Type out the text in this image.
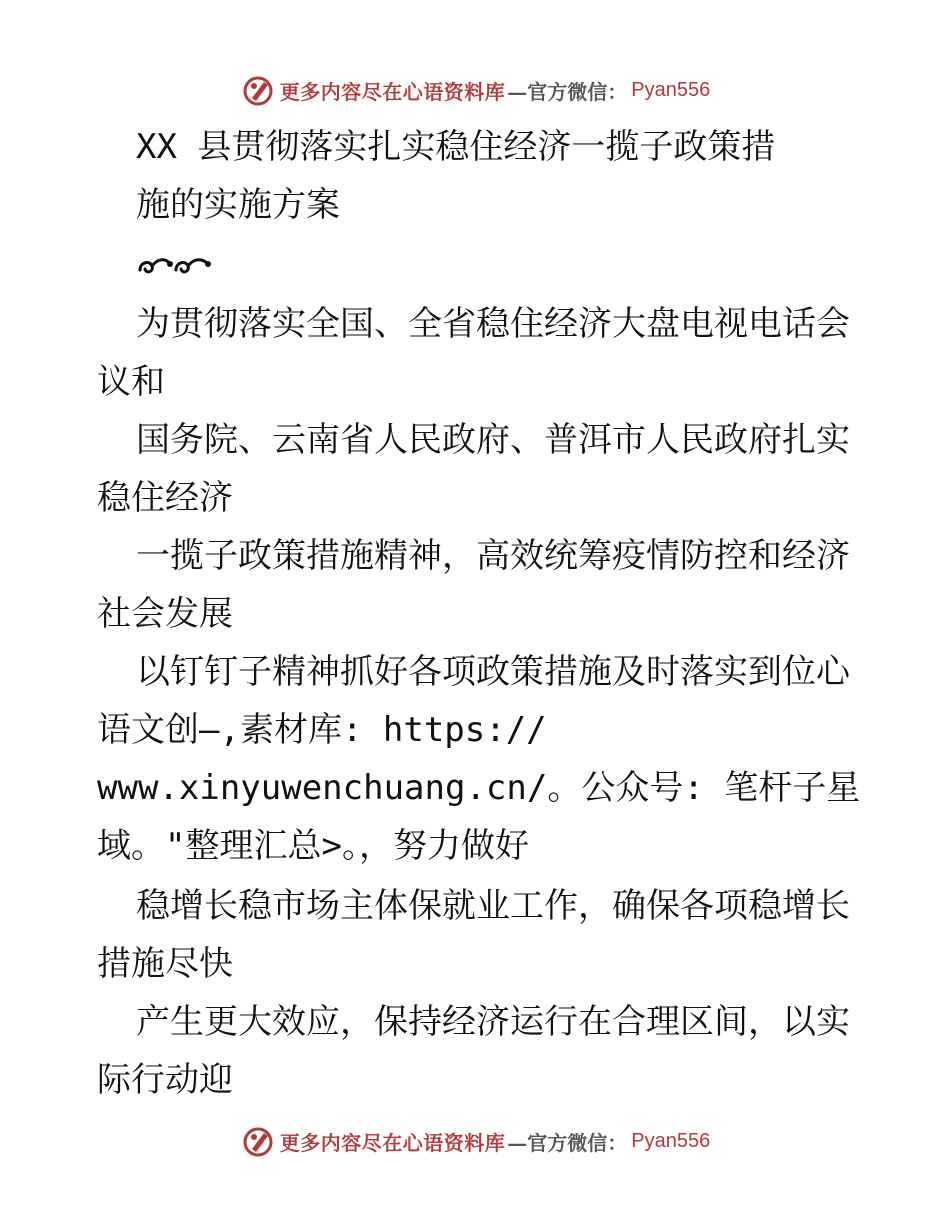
更多内容尽在心语资料库 —官方微信： Pyan556
XX 县贯彻落实扎实稳住经济一揽子政策措
施的实施方案
为贯彻落实全国、全省稳住经济大盘电视电话会
议和
国务院、云南省人民政府、普洱市人民政府扎实
稳住经济
一揽子政策措施精神，高效统筹疫情防控和经济
社会发展
以钉钉子精神抓好各项政策措施及时落实到位心
语文创—,素材库: https://
www.xinyuwenchuang.cn/。公众号: 笔杆子星
域。"整理汇总>。，努力做好
稳增长稳市场主体保就业工作，确保各项稳增长
措施尽快
产生更大效应，保持经济运行在合理区间，以实
际行动迎
更多内容尽在心语资料库 —官方微信： Pyan556
